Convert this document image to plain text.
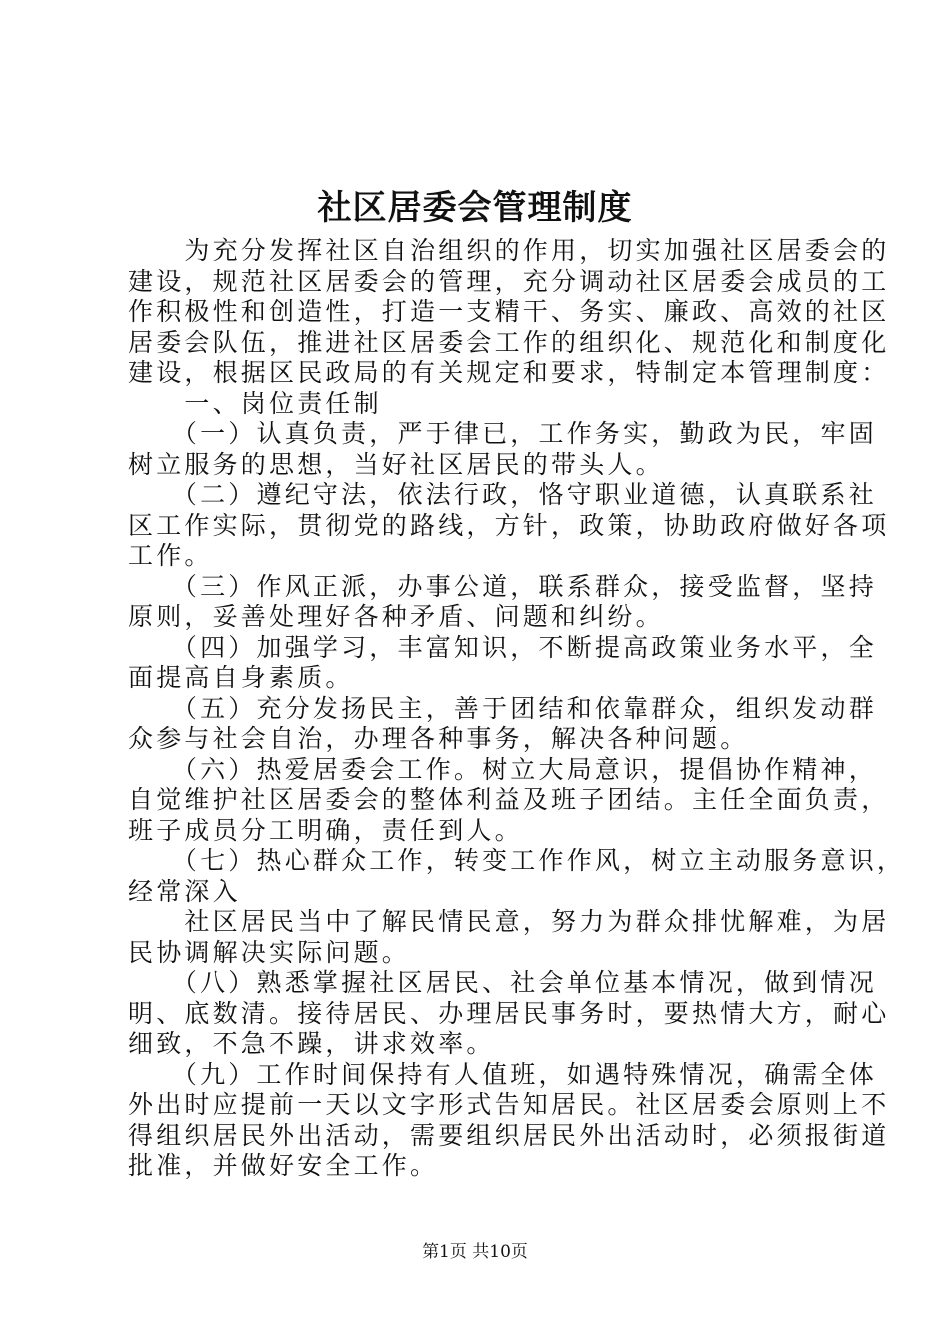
社区居委会管理制度
　　为充分发挥社区自治组织的作用，切实加强社区居委会的
建设，规范社区居委会的管理，充分调动社区居委会成员的工
作积极性和创造性，打造一支精干、务实、廉政、高效的社区
居委会队伍，推进社区居委会工作的组织化、规范化和制度化
建设，根据区民政局的有关规定和要求，特制定本管理制度：
　　一、岗位责任制
　　（一）认真负责，严于律已，工作务实，勤政为民，牢固
树立服务的思想，当好社区居民的带头人。
　　（二）遵纪守法，依法行政，恪守职业道德，认真联系社
区工作实际，贯彻党的路线，方针，政策，协助政府做好各项
工作。
　　（三）作风正派，办事公道，联系群众，接受监督，坚持
原则，妥善处理好各种矛盾、问题和纠纷。
　　（四）加强学习，丰富知识，不断提高政策业务水平，全
面提高自身素质。
　　（五）充分发扬民主，善于团结和依靠群众，组织发动群
众参与社会自治，办理各种事务，解决各种问题。
　　（六）热爱居委会工作。树立大局意识，提倡协作精神，
自觉维护社区居委会的整体利益及班子团结。主任全面负责，
班子成员分工明确，责任到人。
　　（七）热心群众工作，转变工作作风，树立主动服务意识，
经常深入
　　社区居民当中了解民情民意，努力为群众排忧解难，为居
民协调解决实际问题。
　　（八）熟悉掌握社区居民、社会单位基本情况，做到情况
明、底数清。接待居民、办理居民事务时，要热情大方，耐心
细致，不急不躁，讲求效率。
　　（九）工作时间保持有人值班，如遇特殊情况，确需全体
外出时应提前一天以文字形式告知居民。社区居委会原则上不
得组织居民外出活动，需要组织居民外出活动时，必须报街道
批准，并做好安全工作。
第1页 共10页
